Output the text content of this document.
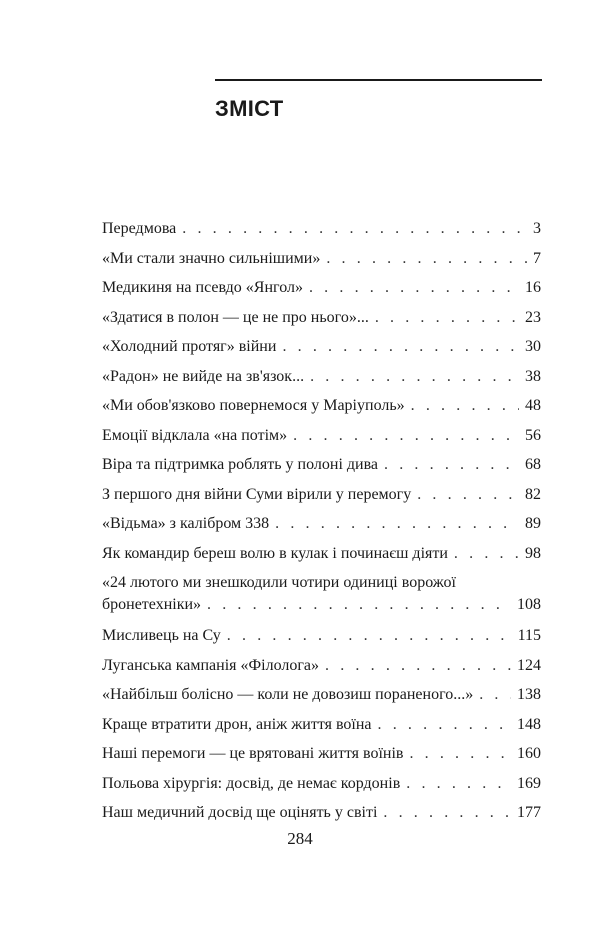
ЗМІСТ
Передмова . . .	3
«Ми стали значно сильнішими» . . .	7
Медикиня на псевдо «Янгол» . . .	16
«Здатися в полон — це не про нього»... . . .	23
«Холодний протяг» війни . . .	30
«Радон» не вийде на зв'язок... . . .	38
«Ми обов'язково повернемося у Маріуполь» . . .	48
Емоції відклала «на потім» . . .	56
Віра та підтримка роблять у полоні дива . . .	68
З першого дня війни Суми вірили у перемогу . . .	82
«Відьма» з калібром 338 . . .	89
Як командир береш волю в кулак і починаєш діяти . . .	98
«24 лютого ми знешкодили чотири одиниці ворожої
бронетехніки» . . .	108
Мисливець на Су . . .	115
Луганська кампанія «Філолога» . . .	124
«Найбільш болісно — коли не довозиш пораненого...» . . .	138
Краще втратити дрон, аніж життя воїна . . .	148
Наші перемоги — це врятовані життя воїнів . . .	160
Польова хірургія: досвід, де немає кордонів . . .	169
Наш медичний досвід ще оцінять у світі . . .	177
284
